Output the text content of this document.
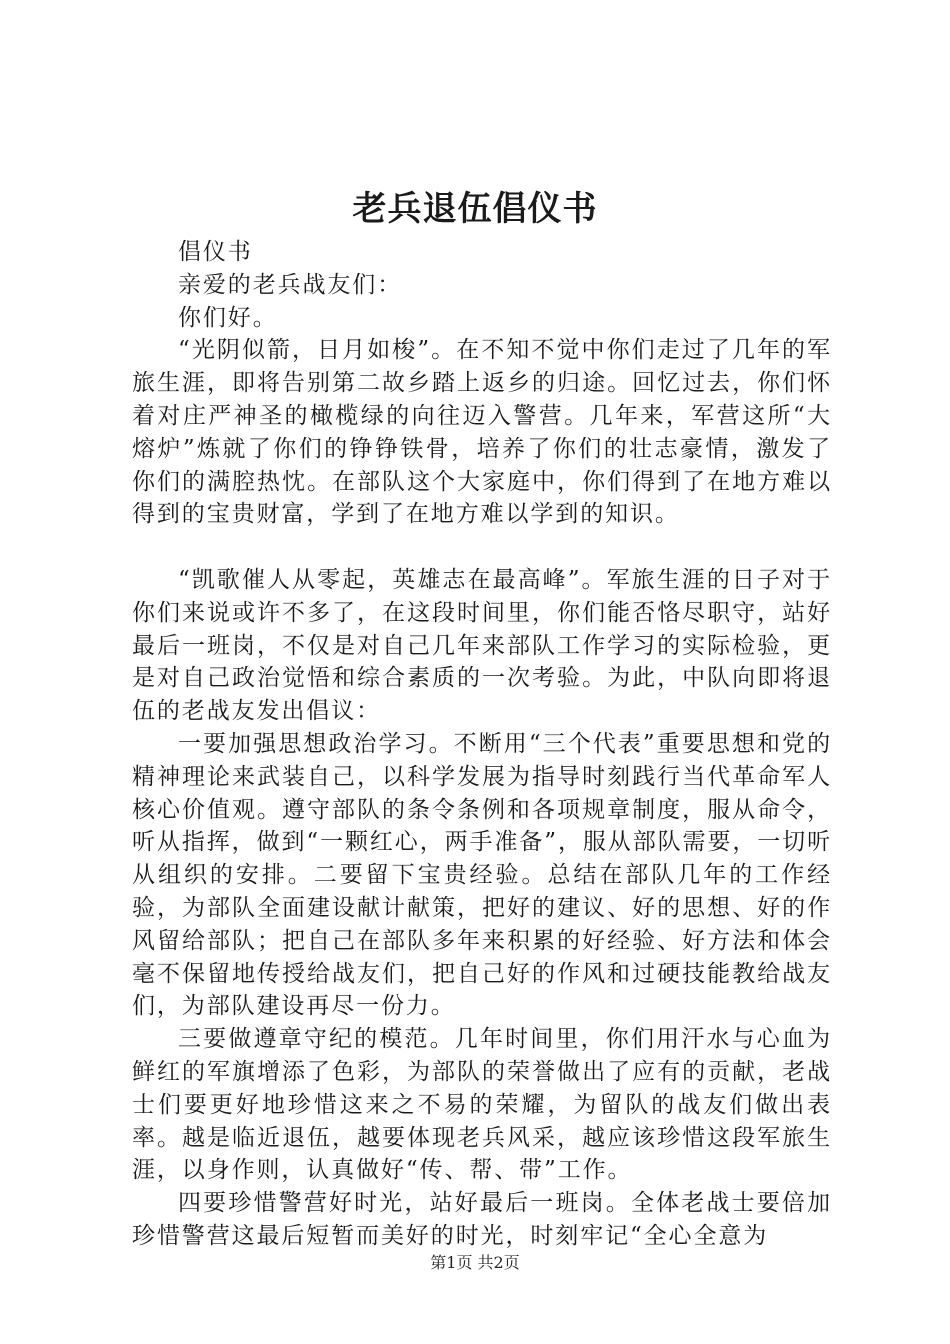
老兵退伍倡仪书

倡仪书

亲爱的老兵战友们：

你们好。

“光阴似箭，日月如梭”。在不知不觉中你们走过了几年的军旅生涯，即将告别第二故乡踏上返乡的归途。回忆过去，你们怀着对庄严神圣的橄榄绿的向往迈入警营。几年来，军营这所“大熔炉”炼就了你们的铮铮铁骨，培养了你们的壮志豪情，激发了你们的满腔热忱。在部队这个大家庭中，你们得到了在地方难以得到的宝贵财富，学到了在地方难以学到的知识。

“凯歌催人从零起，英雄志在最高峰”。军旅生涯的日子对于你们来说或许不多了，在这段时间里，你们能否恪尽职守，站好最后一班岗，不仅是对自己几年来部队工作学习的实际检验，更是对自己政治觉悟和综合素质的一次考验。为此，中队向即将退伍的老战友发出倡议：

一要加强思想政治学习。不断用“三个代表”重要思想和党的精神理论来武装自己，以科学发展为指导时刻践行当代革命军人核心价值观。遵守部队的条令条例和各项规章制度，服从命令，听从指挥，做到“一颗红心，两手准备”，服从部队需要，一切听从组织的安排。二要留下宝贵经验。总结在部队几年的工作经验，为部队全面建设献计献策，把好的建议、好的思想、好的作风留给部队；把自己在部队多年来积累的好经验、好方法和体会毫不保留地传授给战友们，把自己好的作风和过硬技能教给战友们，为部队建设再尽一份力。

三要做遵章守纪的模范。几年时间里，你们用汗水与心血为鲜红的军旗增添了色彩，为部队的荣誉做出了应有的贡献，老战士们要更好地珍惜这来之不易的荣耀，为留队的战友们做出表率。越是临近退伍，越要体现老兵风采，越应该珍惜这段军旅生涯，以身作则，认真做好“传、帮、带”工作。

四要珍惜警营好时光，站好最后一班岗。全体老战士要倍加珍惜警营这最后短暂而美好的时光，时刻牢记“全心全意为

第1页 共2页
